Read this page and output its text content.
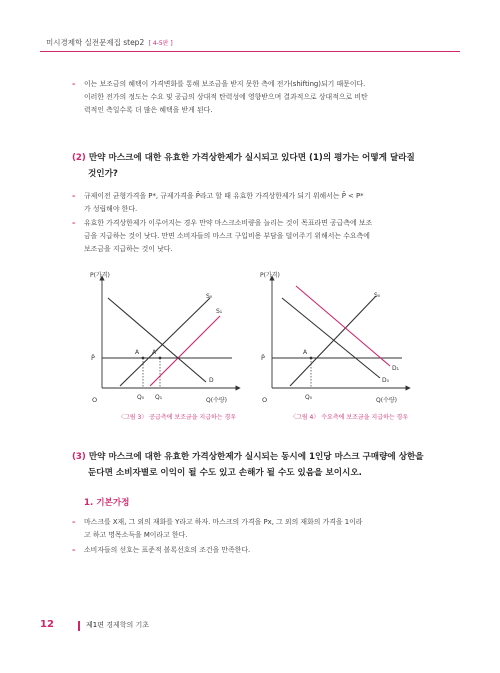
미시경제학 실전문제집 step2 [ 4-5판 ]
– 이는 보조금의 혜택이 가격변화를 통해 보조금을 받지 못한 측에 전가(shifting)되기 때문이다.
이러한 전가의 정도는 수요 및 공급의 상대적 탄력성에 영향받으며 결과적으로 상대적으로 비탄
력적인 측일수록 더 많은 혜택을 받게 된다.
(2) 만약 마스크에 대한 유효한 가격상한제가 실시되고 있다면 (1)의 평가는 어떻게 달라질
것인가?
– 규제이전 균형가격을 P*, 규제가격을 P̄라고 할 때 유효한 가격상한제가 되기 위해서는 P̄ < P*
가 성립해야 한다.
– 유효한 가격상한제가 이루어지는 경우 만약 마스크소비량을 늘리는 것이 목표라면 공급측에 보조
금을 지급하는 것이 낫다. 만면 소비자들의 마스크 구입비용 부담을 덜어주기 위해서는 수요측에
보조금을 지급하는 것이 낫다.
P(가격)
Q(수량)
O
P̄
S₀
S₁
D
A A'
Q₀ Q₁
〈그림 3〉 공급측에 보조금을 지급하는 경우
P(가격)
Q(수량)
O
P̄
S₀
D₀
D₁
A
Q₀
〈그림 4〉 수요측에 보조금을 지급하는 경우
(3) 만약 마스크에 대한 유효한 가격상한제가 실시되는 동시에 1인당 마스크 구매량에 상한을
둔다면 소비자별로 이익이 될 수도 있고 손해가 될 수도 있음을 보이시오.
1. 기본가정
– 마스크를 X재, 그 외의 재화를 Y라고 하자. 마스크의 가격을 Px, 그 외의 재화의 가격을 1이라
고 하고 명목소득을 M이라고 한다.
– 소비자들의 선호는 표준적 볼록선호의 조건을 만족한다.
12	제1편 경제학의 기초
